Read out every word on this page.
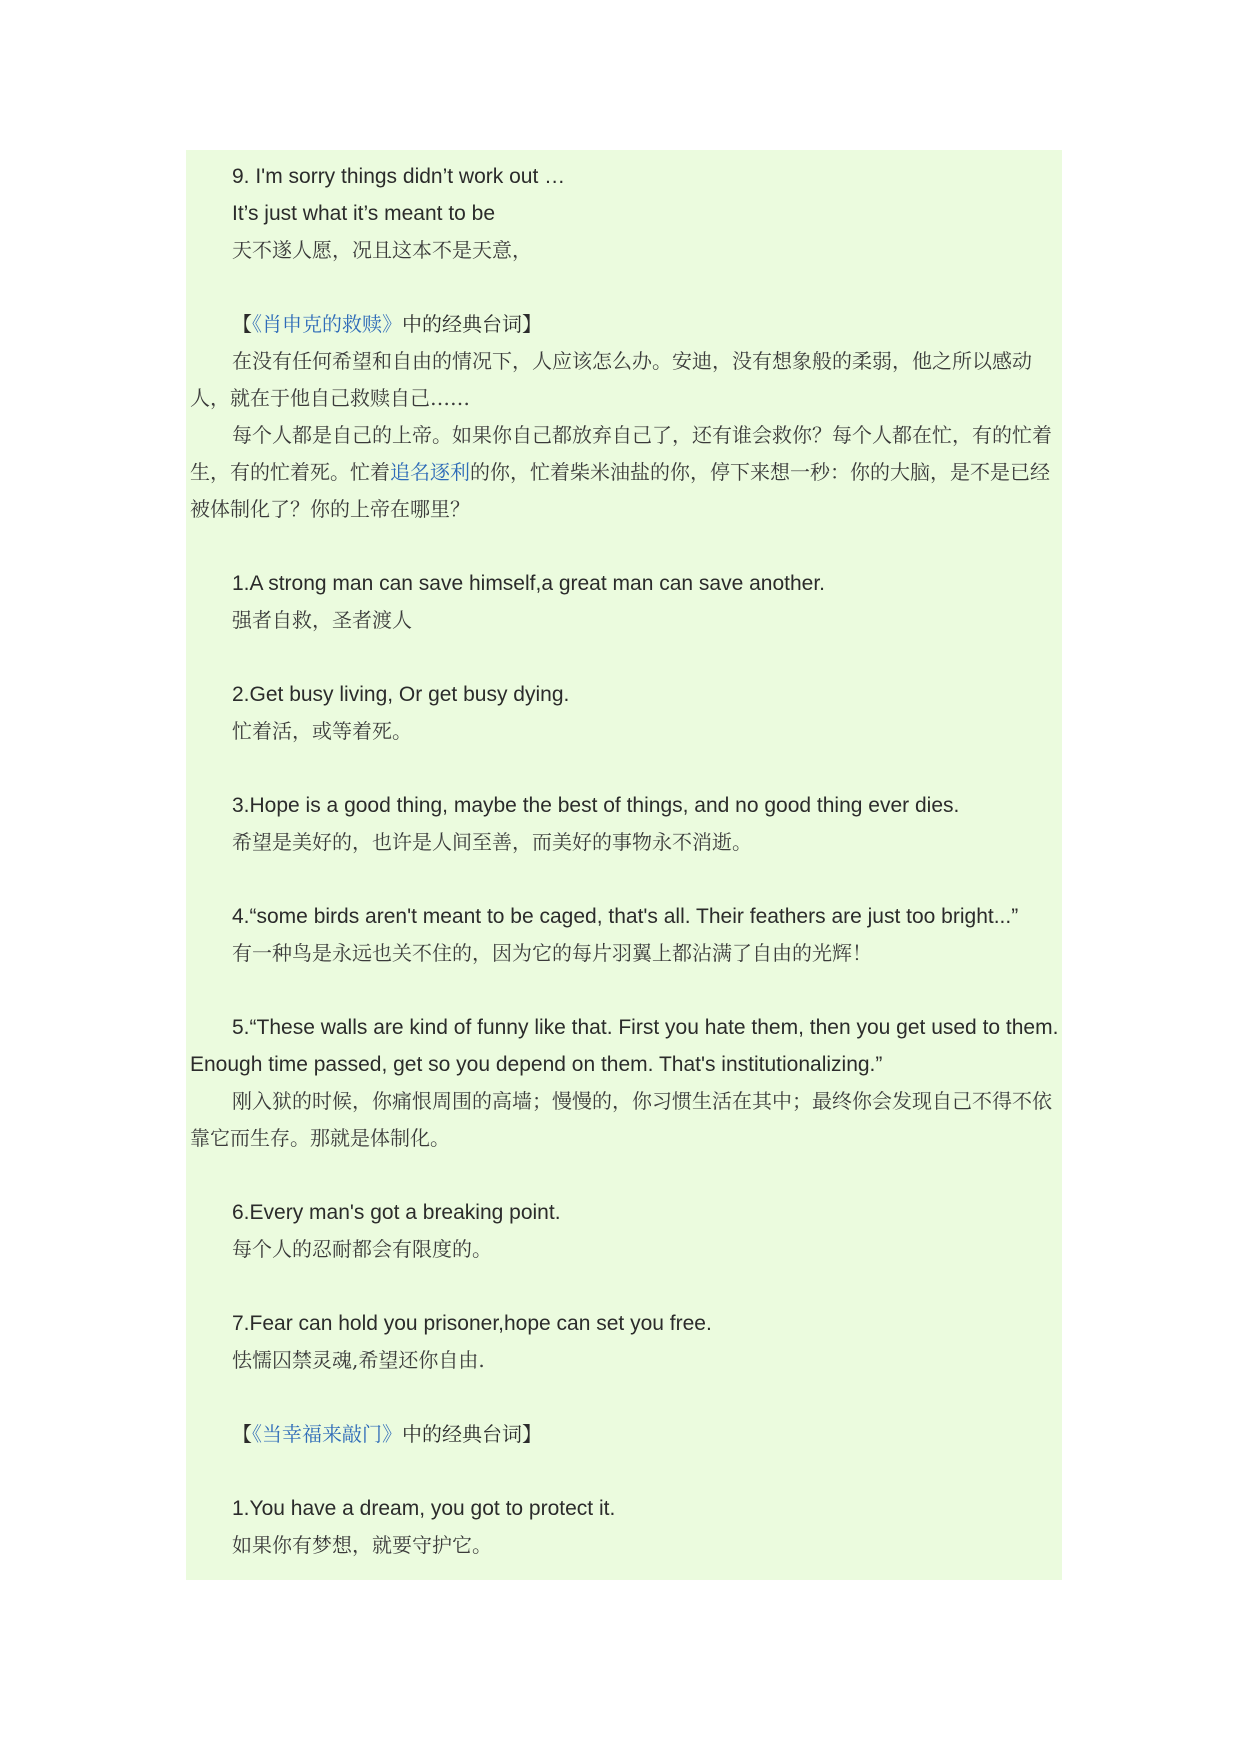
9. I'm sorry things didn’t work out …

It’s just what it’s meant to be

天不遂人愿，况且这本不是天意，

【《肖申克的救赎》中的经典台词】

在没有任何希望和自由的情况下，人应该怎么办。安迪，没有想象般的柔弱，他之所以感动人，就在于他自己救赎自己……

每个人都是自己的上帝。如果你自己都放弃自己了，还有谁会救你？每个人都在忙，有的忙着生，有的忙着死。忙着追名逐利的你，忙着柴米油盐的你，停下来想一秒：你的大脑，是不是已经被体制化了？你的上帝在哪里？

1.A strong man can save himself,a great man can save another.

强者自救，圣者渡人

2.Get busy living, Or get busy dying.

忙着活，或等着死。

3.Hope is a good thing, maybe the best of things, and no good thing ever dies.

希望是美好的，也许是人间至善，而美好的事物永不消逝。

4.“some birds aren't meant to be caged, that's all. Their feathers are just too bright...”

有一种鸟是永远也关不住的，因为它的每片羽翼上都沾满了自由的光辉！

5.“These walls are kind of funny like that. First you hate them, then you get used to them. Enough time passed, get so you depend on them. That's institutionalizing.”

刚入狱的时候，你痛恨周围的高墙；慢慢的，你习惯生活在其中；最终你会发现自己不得不依靠它而生存。那就是体制化。

6.Every man's got a breaking point.

每个人的忍耐都会有限度的。

7.Fear can hold you prisoner,hope can set you free.

怯懦囚禁灵魂,希望还你自由.

【《当幸福来敲门》中的经典台词】

1.You have a dream, you got to protect it.

如果你有梦想，就要守护它。
